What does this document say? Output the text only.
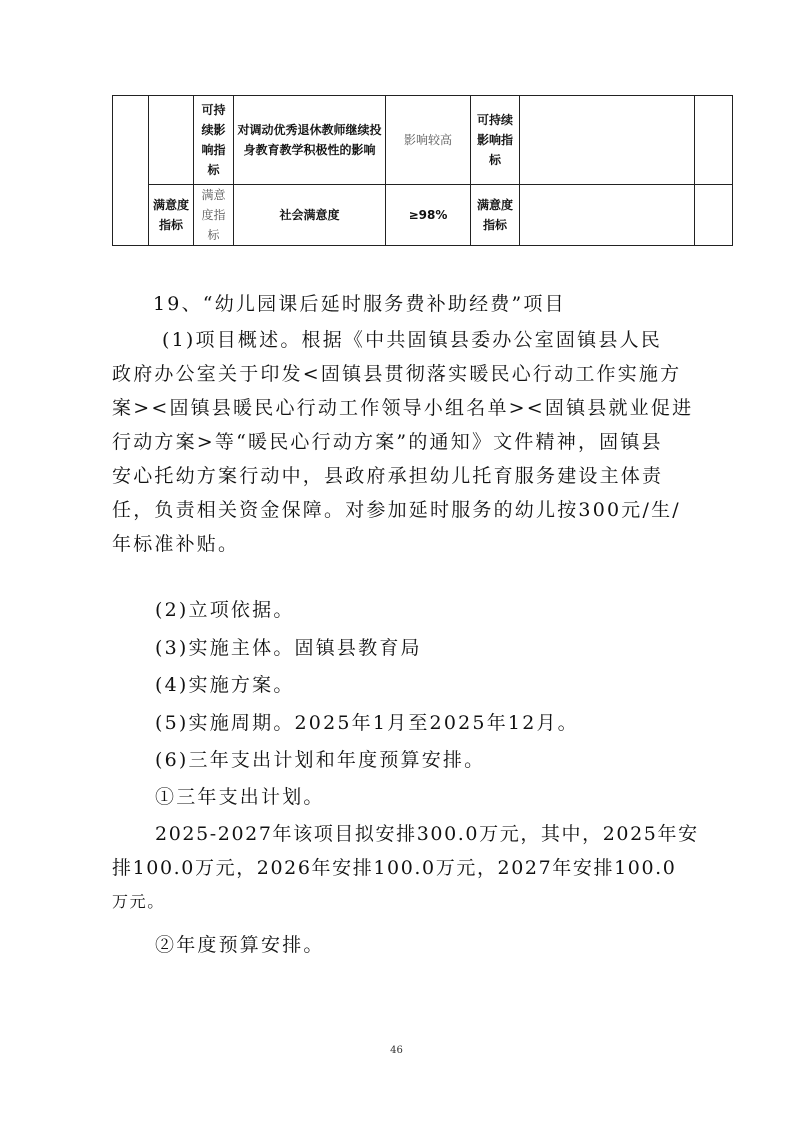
		可持续影响指标	对调动优秀退休教师继续投身教育教学积极性的影响	影响较高	可持续影响指标		
	满意度指标	满意度指标	社会满意度	≥98%	满意度指标		

19、“幼儿园课后延时服务费补助经费”项目

(1)项目概述。根据《中共固镇县委办公室固镇县人民
政府办公室关于印发<固镇县贯彻落实暖民心行动工作实施方
案><固镇县暖民心行动工作领导小组名单><固镇县就业促进
行动方案>等“暖民心行动方案”的通知》文件精神，固镇县
安心托幼方案行动中，县政府承担幼儿托育服务建设主体责
任，负责相关资金保障。对参加延时服务的幼儿按300元/生/
年标准补贴。

(2)立项依据。

(3)实施主体。固镇县教育局

(4)实施方案。

(5)实施周期。2025年1月至2025年12月。

(6)三年支出计划和年度预算安排。

①三年支出计划。

2025-2027年该项目拟安排300.0万元，其中，2025年安
排100.0万元，2026年安排100.0万元，2027年安排100.0
万元。

②年度预算安排。

46
